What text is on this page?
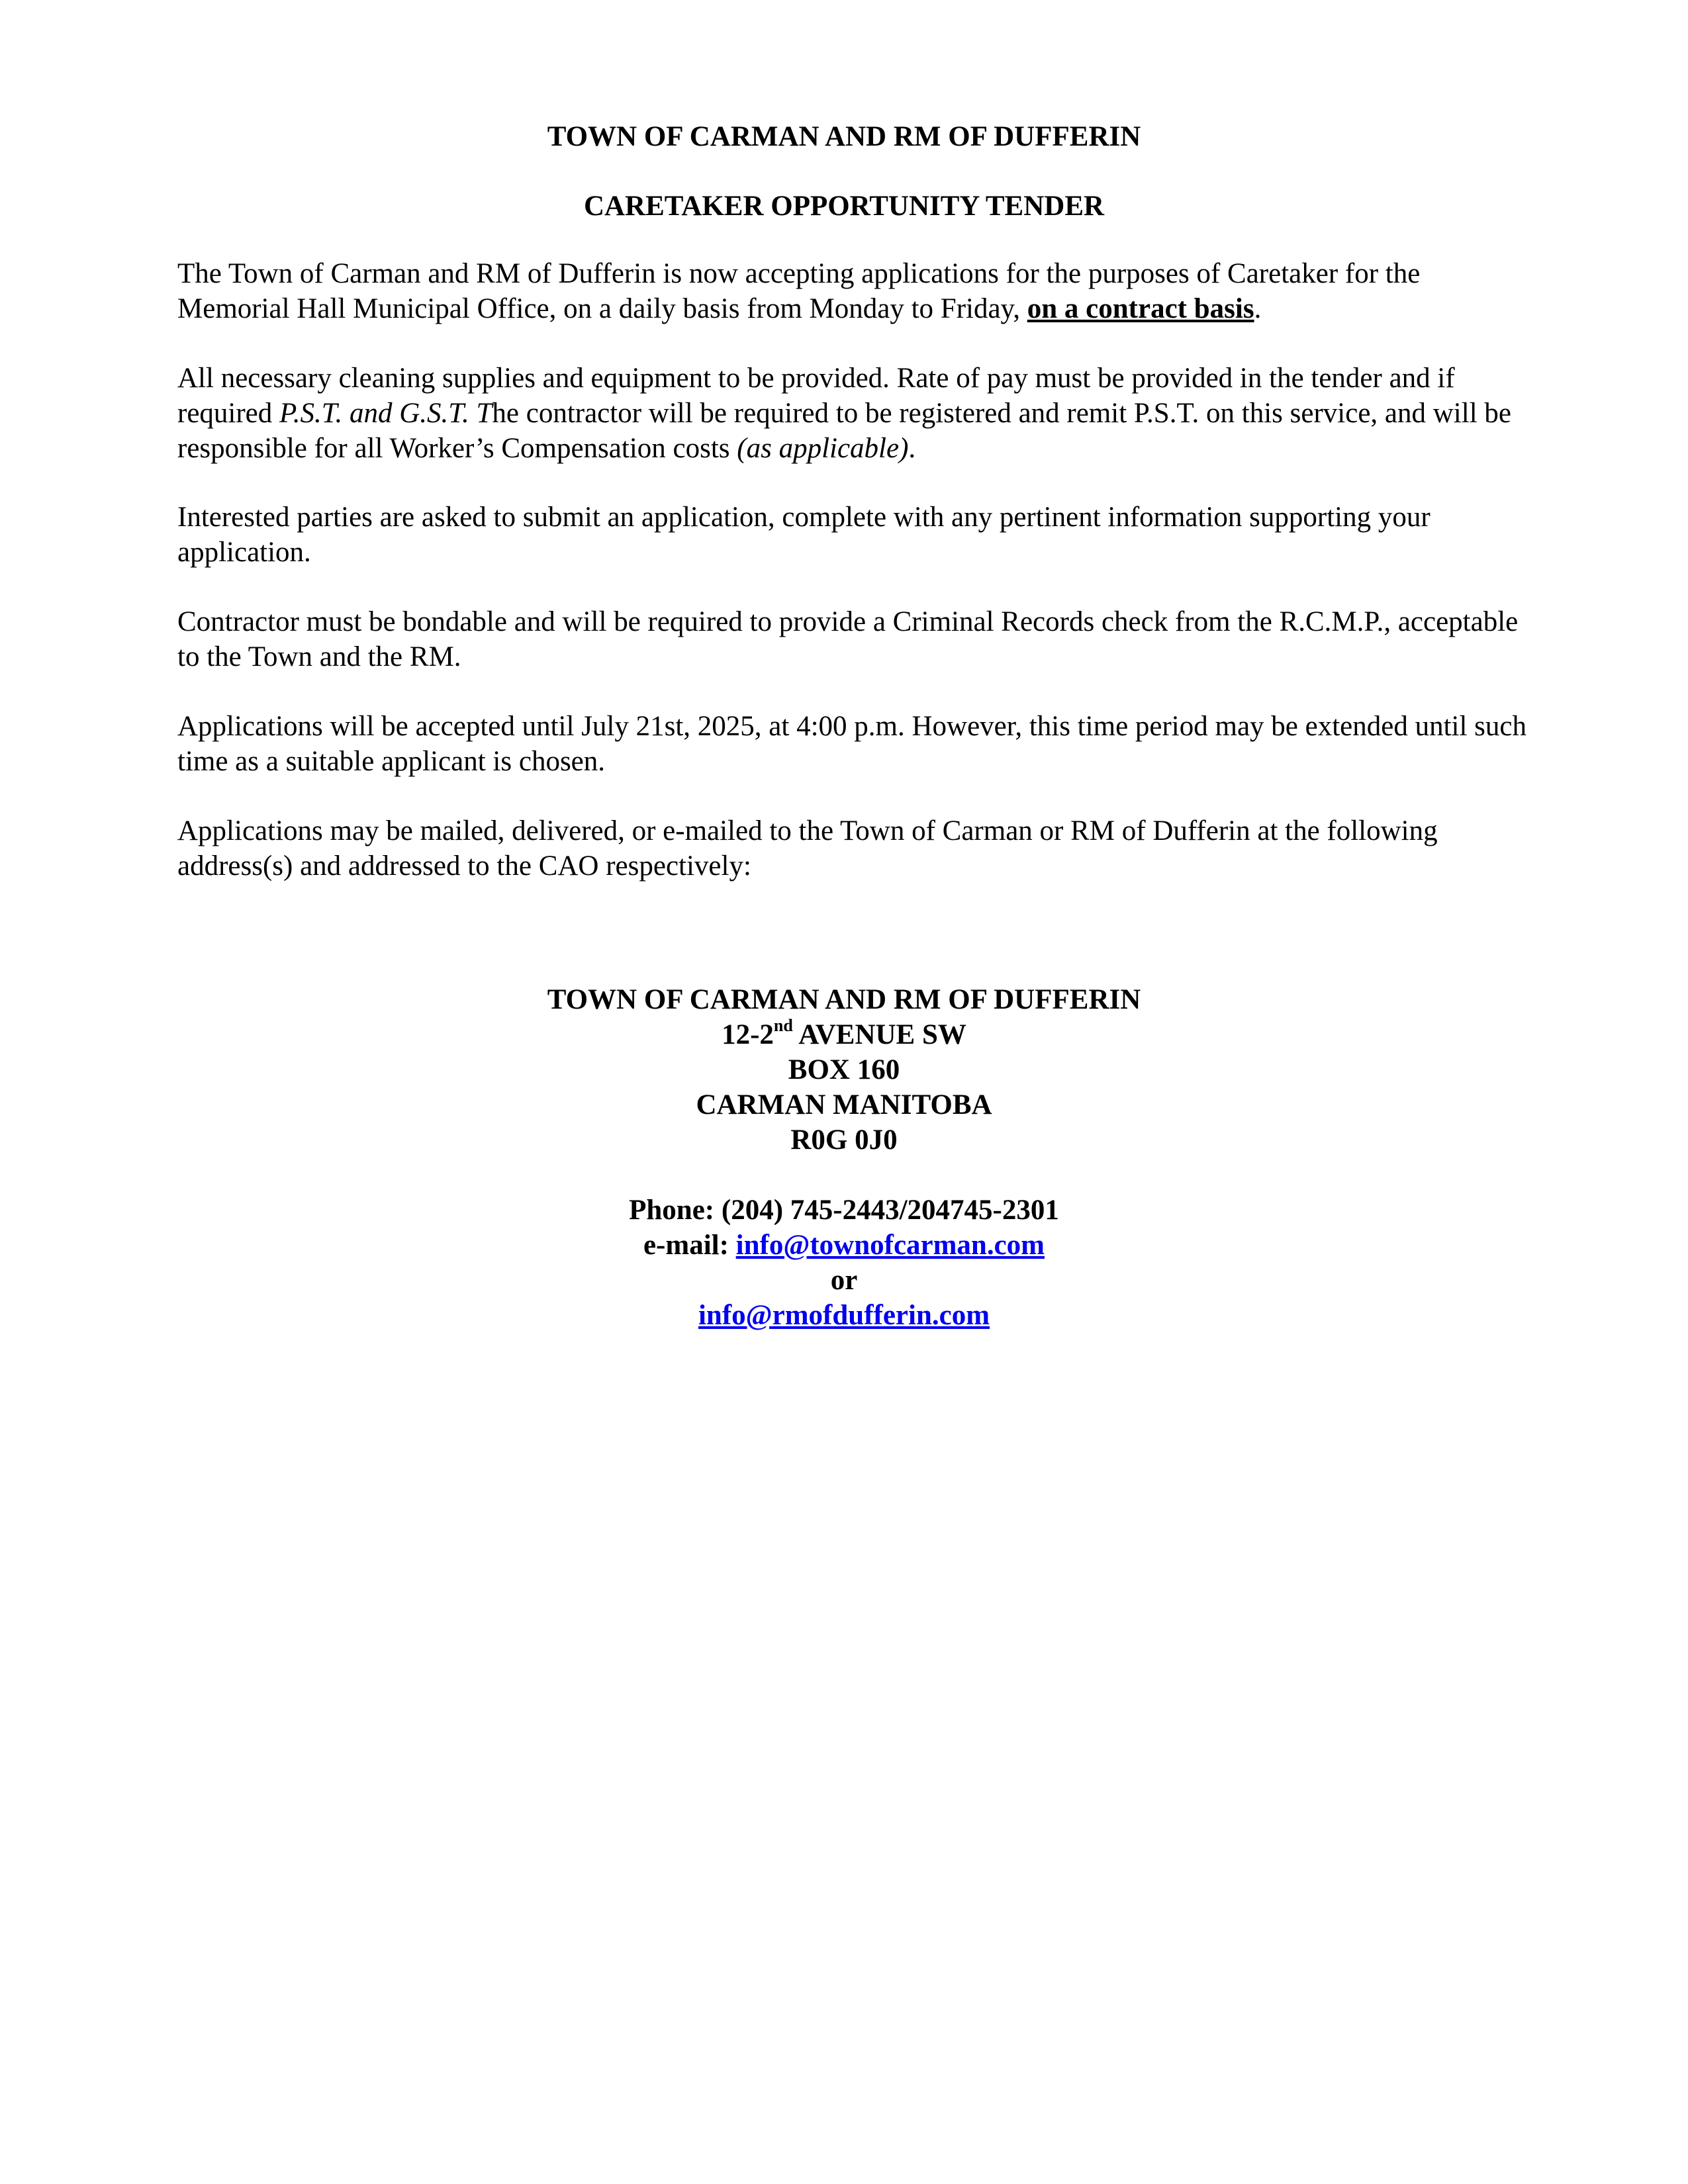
TOWN OF CARMAN AND RM OF DUFFERIN
CARETAKER OPPORTUNITY TENDER

The Town of Carman and RM of Dufferin is now accepting applications for the purposes of Caretaker for the Memorial Hall Municipal Office, on a daily basis from Monday to Friday, on a contract basis.

All necessary cleaning supplies and equipment to be provided. Rate of pay must be provided in the tender and if required P.S.T. and G.S.T. The contractor will be required to be registered and remit P.S.T. on this service, and will be responsible for all Worker’s Compensation costs (as applicable).

Interested parties are asked to submit an application, complete with any pertinent information supporting your application.

Contractor must be bondable and will be required to provide a Criminal Records check from the R.C.M.P., acceptable to the Town and the RM.

Applications will be accepted until July 21st, 2025, at 4:00 p.m. However, this time period may be extended until such time as a suitable applicant is chosen.

Applications may be mailed, delivered, or e-mailed to the Town of Carman or RM of Dufferin at the following address(s) and addressed to the CAO respectively:

TOWN OF CARMAN AND RM OF DUFFERIN
12-2nd AVENUE SW
BOX 160
CARMAN MANITOBA
R0G 0J0
Phone: (204) 745-2443/204745-2301
e-mail: info@townofcarman.com
or
info@rmofdufferin.com
